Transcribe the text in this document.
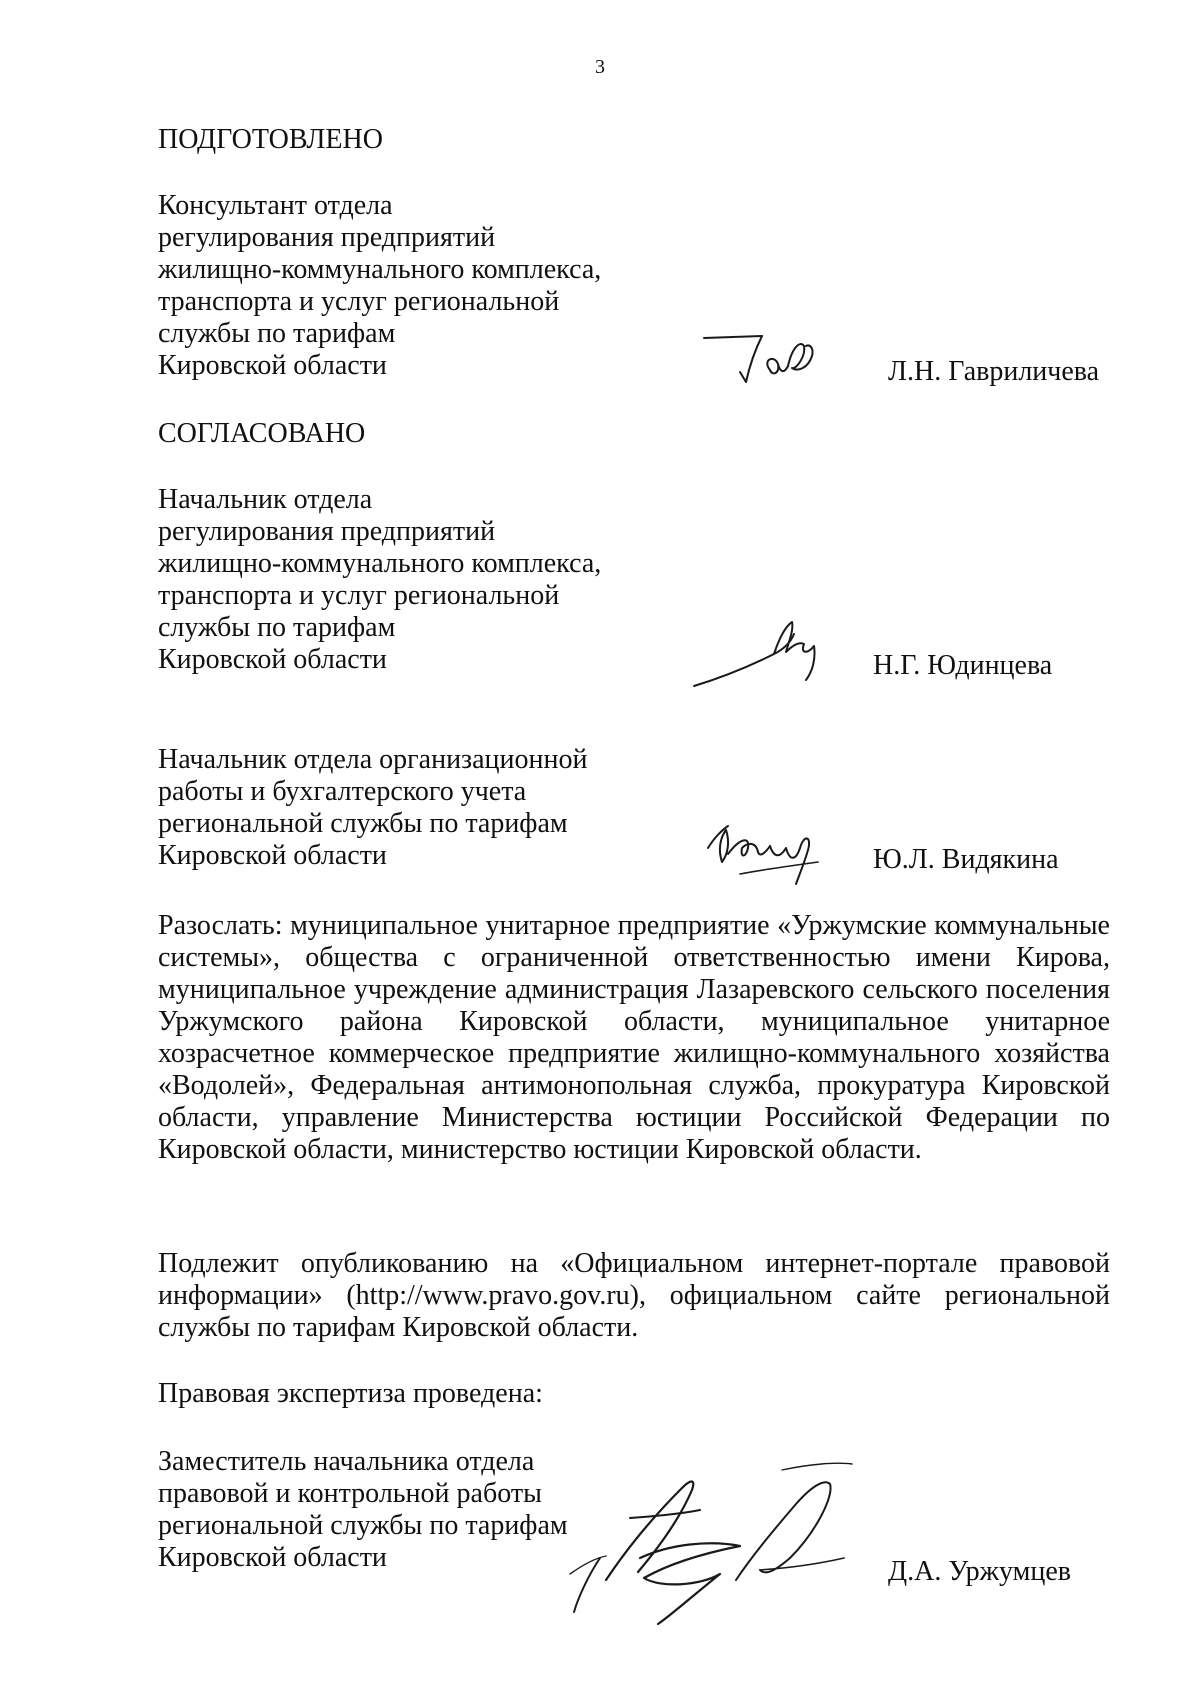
3
ПОДГОТОВЛЕНО
Консультант отдела
регулирования предприятий
жилищно-коммунального комплекса,
транспорта и услуг региональной
службы по тарифам
Кировской области	Л.Н. Гавриличева
СОГЛАСОВАНО
Начальник отдела
регулирования предприятий
жилищно-коммунального комплекса,
транспорта и услуг региональной
службы по тарифам
Кировской области	Н.Г. Юдинцева
Начальник отдела организационной
работы и бухгалтерского учета
региональной службы по тарифам
Кировской области	Ю.Л. Видякина
Разослать: муниципальное унитарное предприятие «Уржумские коммунальные системы», общества с ограниченной ответственностью имени Кирова, муниципальное учреждение администрация Лазаревского сельского поселения Уржумского района Кировской области, муниципальное унитарное хозрасчетное коммерческое предприятие жилищно-коммунального хозяйства «Водолей», Федеральная антимонопольная служба, прокуратура Кировской области, управление Министерства юстиции Российской Федерации по Кировской области, министерство юстиции Кировской области.
Подлежит опубликованию на «Официальном интернет-портале правовой информации» (http://www.pravo.gov.ru), официальном сайте региональной службы по тарифам Кировской области.
Правовая экспертиза проведена:
Заместитель начальника отдела
правовой и контрольной работы
региональной службы по тарифам
Кировской области	Д.А. Уржумцев
